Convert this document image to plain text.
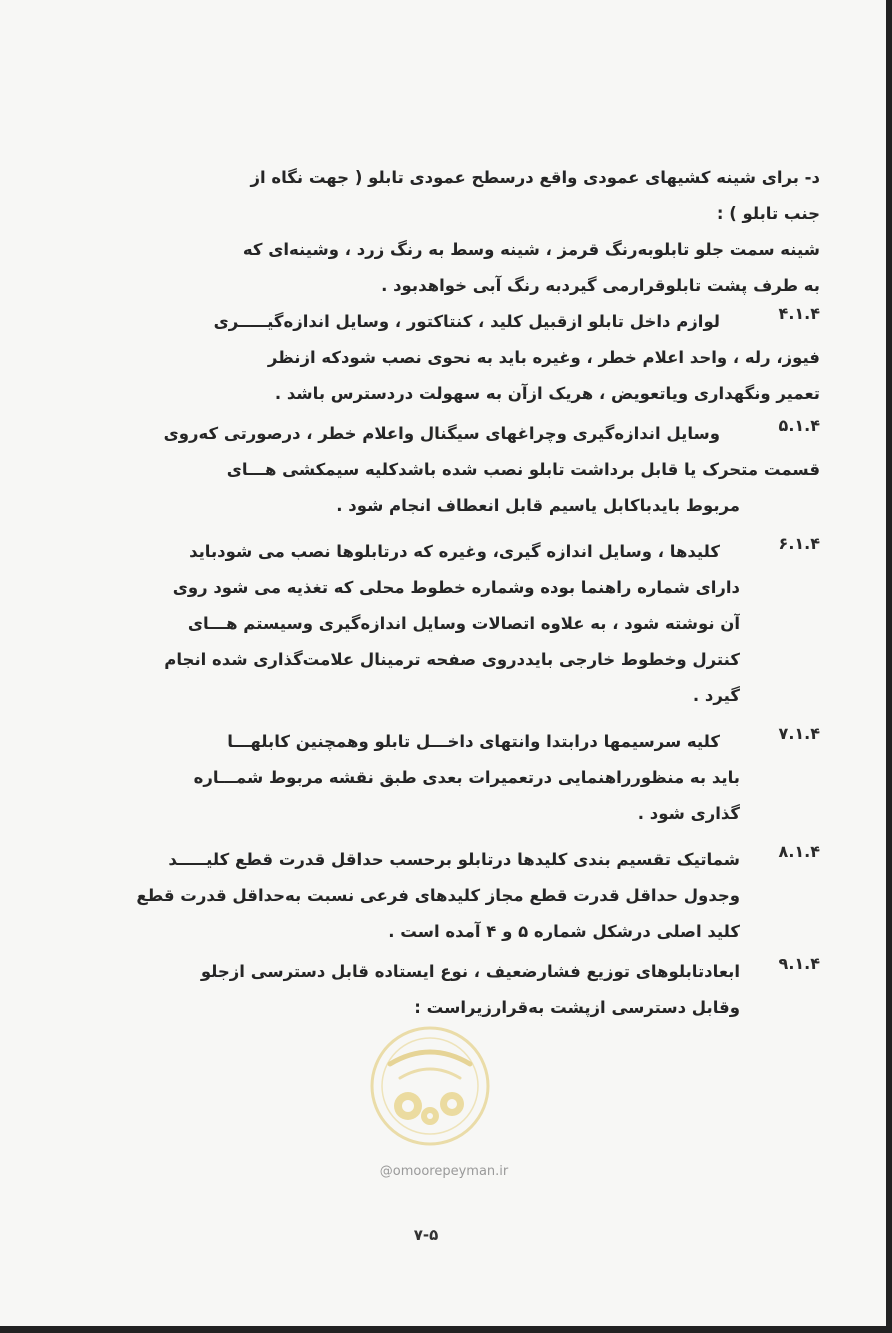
د- برای شینه کشیهای عمودی واقع درسطح عمودی تابلو ( جهت نگاه از
جنب تابلو ) :
شینه سمت جلو تابلوبه‌رنگ قرمز ، شینه وسط به رنگ زرد ، وشینه‌ای که
به طرف پشت تابلوقرارمی گیردبه رنگ آبی خواهدبود .
۴.۱.۴
لوازم داخل تابلو ازقبیل کلید ، کنتاکتور ، وسایل اندازه‌گیـــــری
فیوز، رله ، واحد اعلام خطر ، وغیره باید به نحوی نصب شودکه ازنظر
تعمیر ونگهداری ویاتعویض ، هریک ازآن به سهولت دردسترس باشد .
۵.۱.۴
وسایل اندازه‌گیری وچراغهای سیگنال واعلام خطر ، درصورتی که‌روی
قسمت متحرک یا قابل برداشت تابلو نصب شده باشدکلیه سیمکشی هـــای
مربوط بایدباکابل یاسیم قابل انعطاف انجام شود .
۶.۱.۴
کلیدها ، وسایل اندازه گیری، وغیره که درتابلوها نصب می شودباید
دارای شماره راهنما بوده وشماره خطوط محلی که تغذیه می شود روی
آن نوشته شود ، به علاوه اتصالات وسایل اندازه‌گیری وسیستم هـــای
کنترل وخطوط خارجی بایددروی صفحه ترمینال علامت‌گذاری شده انجام
گیرد .
۷.۱.۴
کلیه سرسیمها درابتدا وانتهای داخـــل تابلو وهمچنین کابلهـــا
باید به منظورراهنمایی درتعمیرات بعدی طبق نقشه مربوط شمـــاره
گذاری شود .
۸.۱.۴
شماتیک تقسیم بندی کلیدها درتابلو برحسب حداقل قدرت قطع کلیـــــد
وجدول حداقل قدرت قطع مجاز کلیدهای فرعی نسبت به‌حداقل قدرت قطع
کلید اصلی درشکل شماره ۵ و ۴ آمده است .
۹.۱.۴
ابعادتابلوهای توزیع فشارضعیف ، نوع ایستاده قابل دسترسی ازجلو
وقابل دسترسی ازپشت به‌قرارزیراست :
@omoorepeyman.ir
۷-۵
